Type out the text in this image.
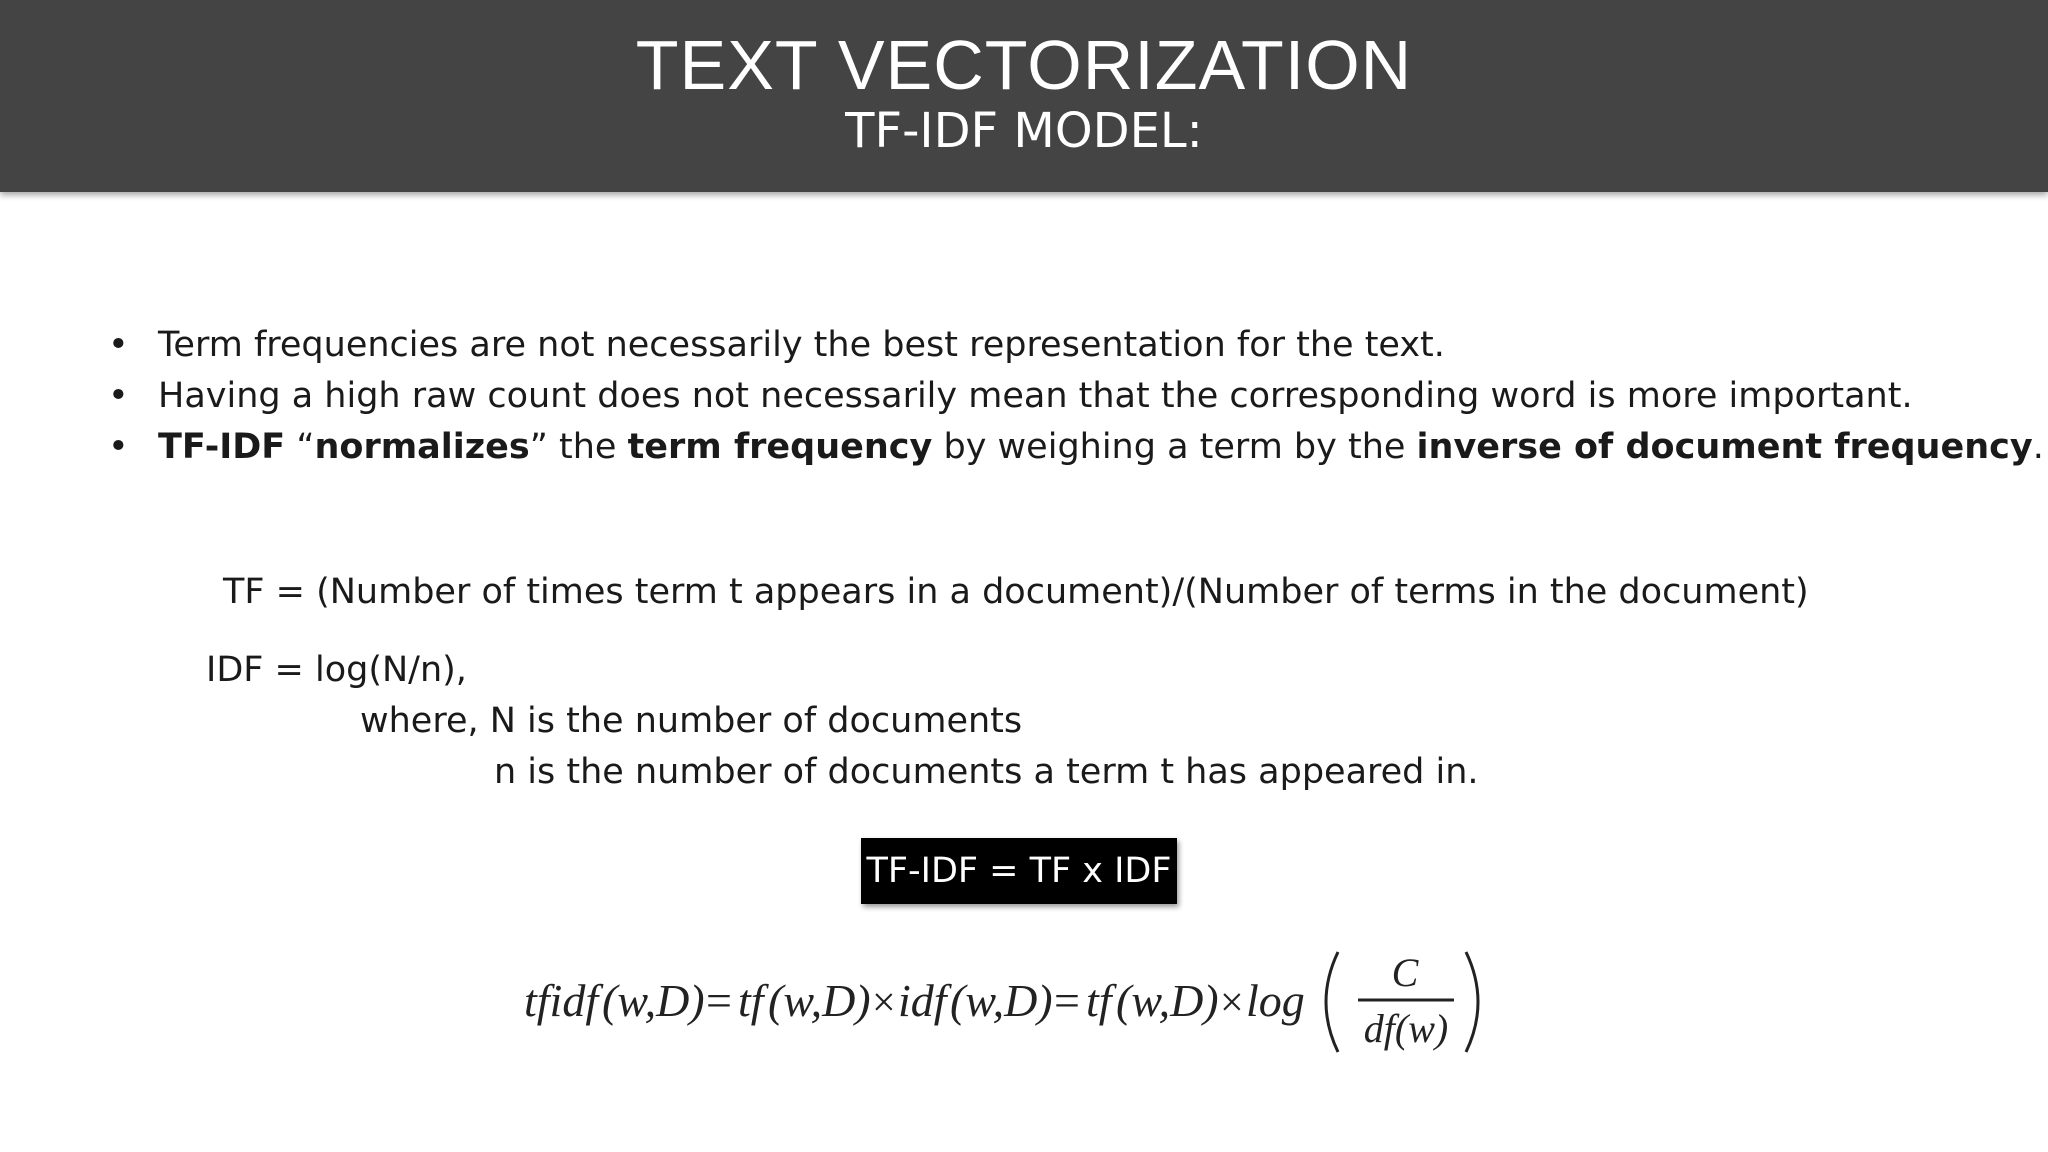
TEXT VECTORIZATION
TF-IDF MODEL:
• Term frequencies are not necessarily the best representation for the text.
• Having a high raw count does not necessarily mean that the corresponding word is more important.
• TF-IDF “normalizes” the term frequency by weighing a term by the inverse of document frequency.
TF = (Number of times term t appears in a document)/(Number of terms in the document)
IDF = log(N/n),
where, N is the number of documents
n is the number of documents a term t has appeared in.
TF-IDF = TF x IDF
tfidf (w,D) = tf (w,D) × idf (w,D) = tf (w,D) × log
C
df(w)
